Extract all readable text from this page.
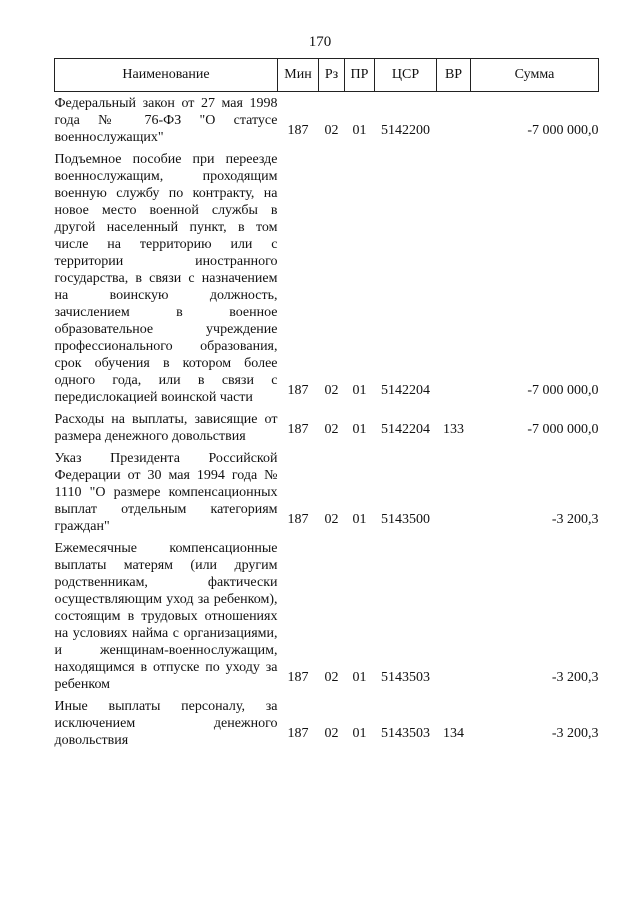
170
Наименование	Мин	Рз	ПР	ЦСР	ВР	Сумма

Федеральный закон от 27 мая 1998 года № 76-ФЗ "О статусе военнослужащих"	187	02	01	5142200		-7 000 000,0

Подъемное пособие при переезде военнослужащим, проходящим военную службу по контракту, на новое место военной службы в другой населенный пункт, в том числе на территорию или с территории иностранного государства, в связи с назначением на воинскую должность, зачислением в военное образовательное учреждение профессионального образования, срок обучения в котором более одного года, или в связи с передислокацией воинской части	187	02	01	5142204		-7 000 000,0

Расходы на выплаты, зависящие от размера денежного довольствия	187	02	01	5142204	133	-7 000 000,0

Указ Президента Российской Федерации от 30 мая 1994 года № 1110 "О размере компенсационных выплат отдельным категориям граждан"	187	02	01	5143500		-3 200,3

Ежемесячные компенсационные выплаты матерям (или другим родственникам, фактически осуществляющим уход за ребенком), состоящим в трудовых отношениях на условиях найма с организациями, и женщинам-военнослужащим, находящимся в отпуске по уходу за ребенком	187	02	01	5143503		-3 200,3

Иные выплаты персоналу, за исключением денежного довольствия	187	02	01	5143503	134	-3 200,3
